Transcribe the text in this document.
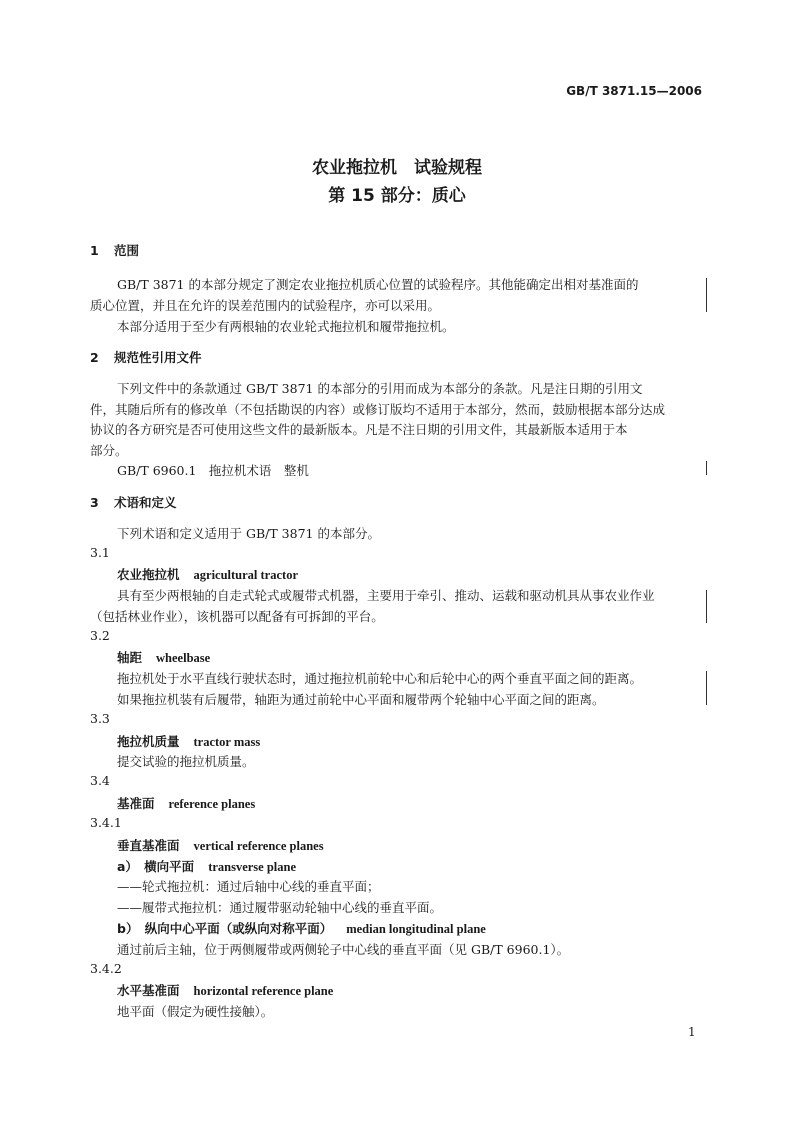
GB/T 3871.15—2006
农业拖拉机　试验规程
第 15 部分：质心
1 范围
GB/T 3871 的本部分规定了测定农业拖拉机质心位置的试验程序。其他能确定出相对基准面的
质心位置，并且在允许的误差范围内的试验程序，亦可以采用。
本部分适用于至少有两根轴的农业轮式拖拉机和履带拖拉机。
2 规范性引用文件
下列文件中的条款通过 GB/T 3871 的本部分的引用而成为本部分的条款。凡是注日期的引用文
件，其随后所有的修改单（不包括勘误的内容）或修订版均不适用于本部分，然而，鼓励根据本部分达成
协议的各方研究是否可使用这些文件的最新版本。凡是不注日期的引用文件，其最新版本适用于本
部分。
GB/T 6960.1　拖拉机术语　整机
3 术语和定义
下列术语和定义适用于 GB/T 3871 的本部分。
3.1
农业拖拉机 agricultural tractor
具有至少两根轴的自走式轮式或履带式机器，主要用于牵引、推动、运载和驱动机具从事农业作业
（包括林业作业），该机器可以配备有可拆卸的平台。
3.2
轴距 wheelbase
拖拉机处于水平直线行驶状态时，通过拖拉机前轮中心和后轮中心的两个垂直平面之间的距离。
如果拖拉机装有后履带，轴距为通过前轮中心平面和履带两个轮轴中心平面之间的距离。
3.3
拖拉机质量 tractor mass
提交试验的拖拉机质量。
3.4
基准面 reference planes
3.4.1
垂直基准面 vertical reference planes
a）　横向平面 transverse plane
——轮式拖拉机：通过后轴中心线的垂直平面；
——履带式拖拉机：通过履带驱动轮轴中心线的垂直平面。
b）　纵向中心平面（或纵向对称平面） median longitudinal plane
通过前后主轴，位于两侧履带或两侧轮子中心线的垂直平面（见 GB/T 6960.1）。
3.4.2
水平基准面 horizontal reference plane
地平面（假定为硬性接触）。
1
